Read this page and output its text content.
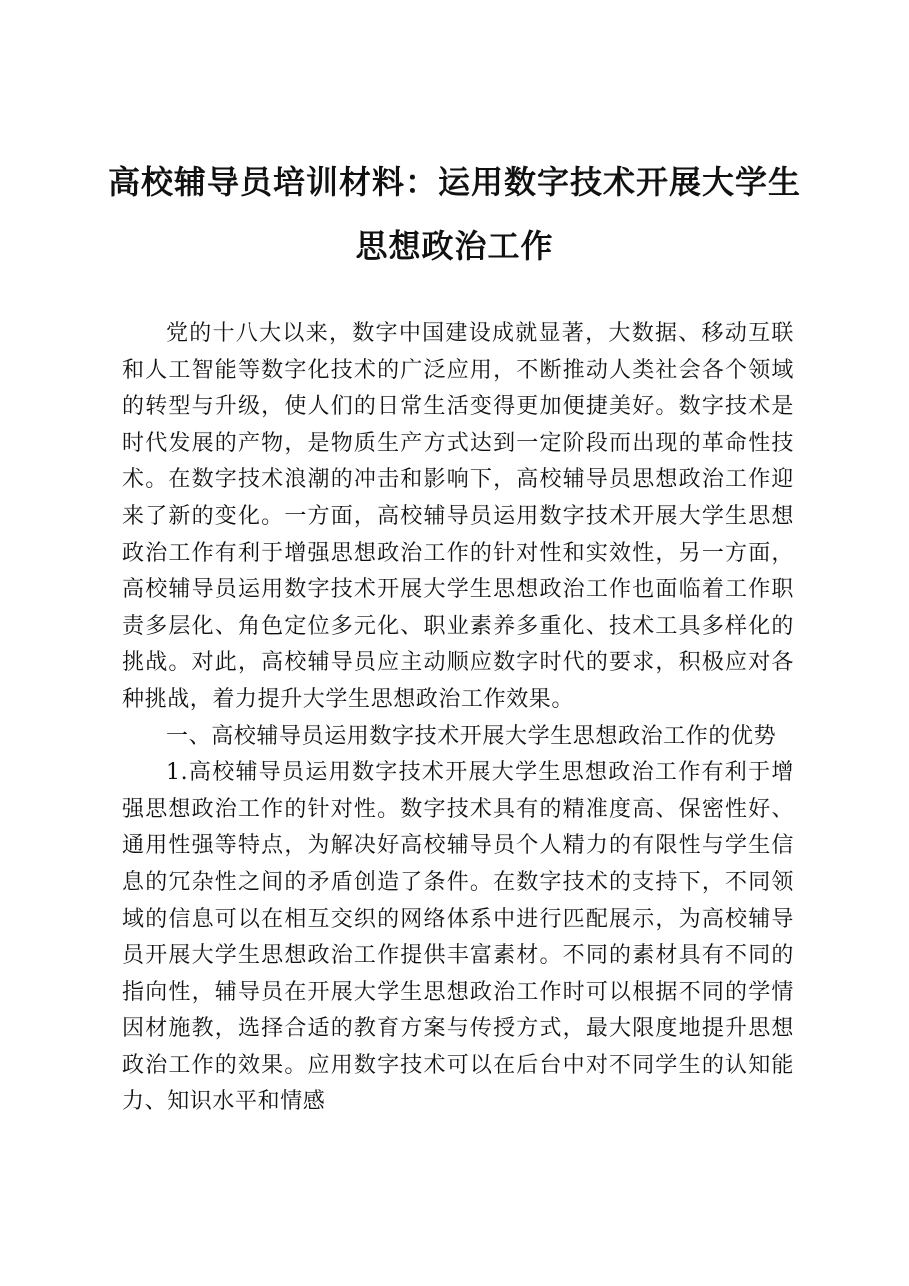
高校辅导员培训材料：运用数字技术开展大学生思想政治工作

党的十八大以来，数字中国建设成就显著，大数据、移动互联和人工智能等数字化技术的广泛应用，不断推动人类社会各个领域的转型与升级，使人们的日常生活变得更加便捷美好。数字技术是时代发展的产物，是物质生产方式达到一定阶段而出现的革命性技术。在数字技术浪潮的冲击和影响下，高校辅导员思想政治工作迎来了新的变化。一方面，高校辅导员运用数字技术开展大学生思想政治工作有利于增强思想政治工作的针对性和实效性，另一方面，高校辅导员运用数字技术开展大学生思想政治工作也面临着工作职责多层化、角色定位多元化、职业素养多重化、技术工具多样化的挑战。对此，高校辅导员应主动顺应数字时代的要求，积极应对各种挑战，着力提升大学生思想政治工作效果。

一、高校辅导员运用数字技术开展大学生思想政治工作的优势

1.高校辅导员运用数字技术开展大学生思想政治工作有利于增强思想政治工作的针对性。数字技术具有的精准度高、保密性好、通用性强等特点，为解决好高校辅导员个人精力的有限性与学生信息的冗杂性之间的矛盾创造了条件。在数字技术的支持下，不同领域的信息可以在相互交织的网络体系中进行匹配展示，为高校辅导员开展大学生思想政治工作提供丰富素材。不同的素材具有不同的指向性，辅导员在开展大学生思想政治工作时可以根据不同的学情因材施教，选择合适的教育方案与传授方式，最大限度地提升思想政治工作的效果。应用数字技术可以在后台中对不同学生的认知能力、知识水平和情感
